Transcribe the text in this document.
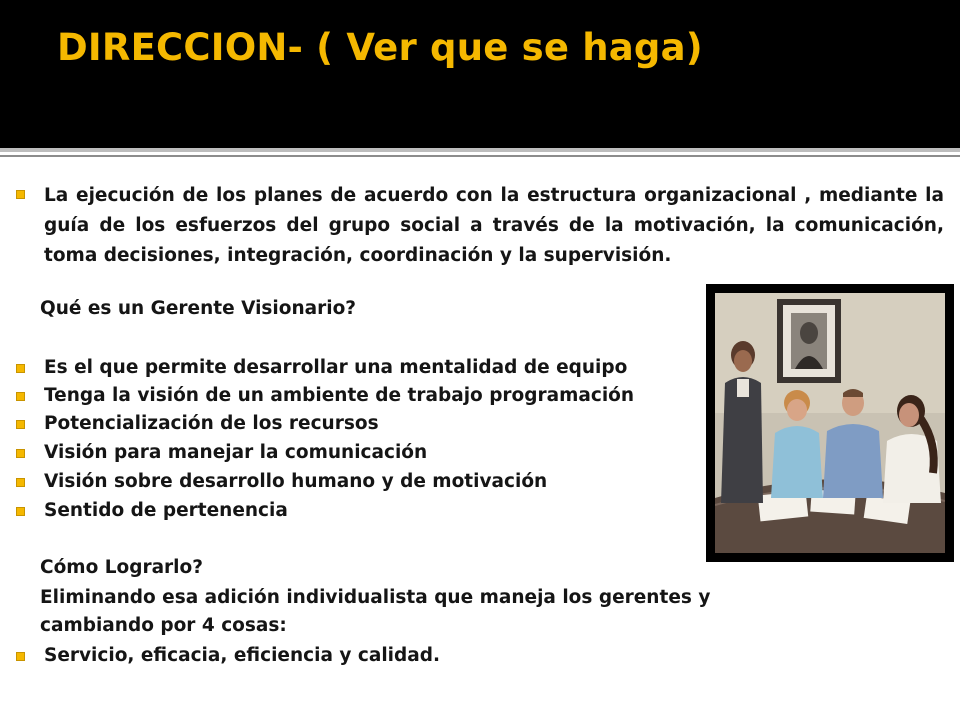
DIRECCION- ( Ver que se haga)
La ejecución de los planes de acuerdo con la estructura organizacional , mediante la guía de los esfuerzos del grupo social a través de la motivación, la comunicación, toma decisiones, integración, coordinación y la supervisión.
Qué es un Gerente Visionario?
Es el que permite desarrollar una mentalidad de equipo
Tenga la visión de un ambiente de trabajo programación
Potencialización de los recursos
Visión para manejar la comunicación
Visión sobre desarrollo humano y de motivación
Sentido de pertenencia
Cómo Lograrlo?
Eliminando esa adición individualista que maneja los gerentes y
cambiando por 4 cosas:
Servicio, eficacia, eficiencia y calidad.
